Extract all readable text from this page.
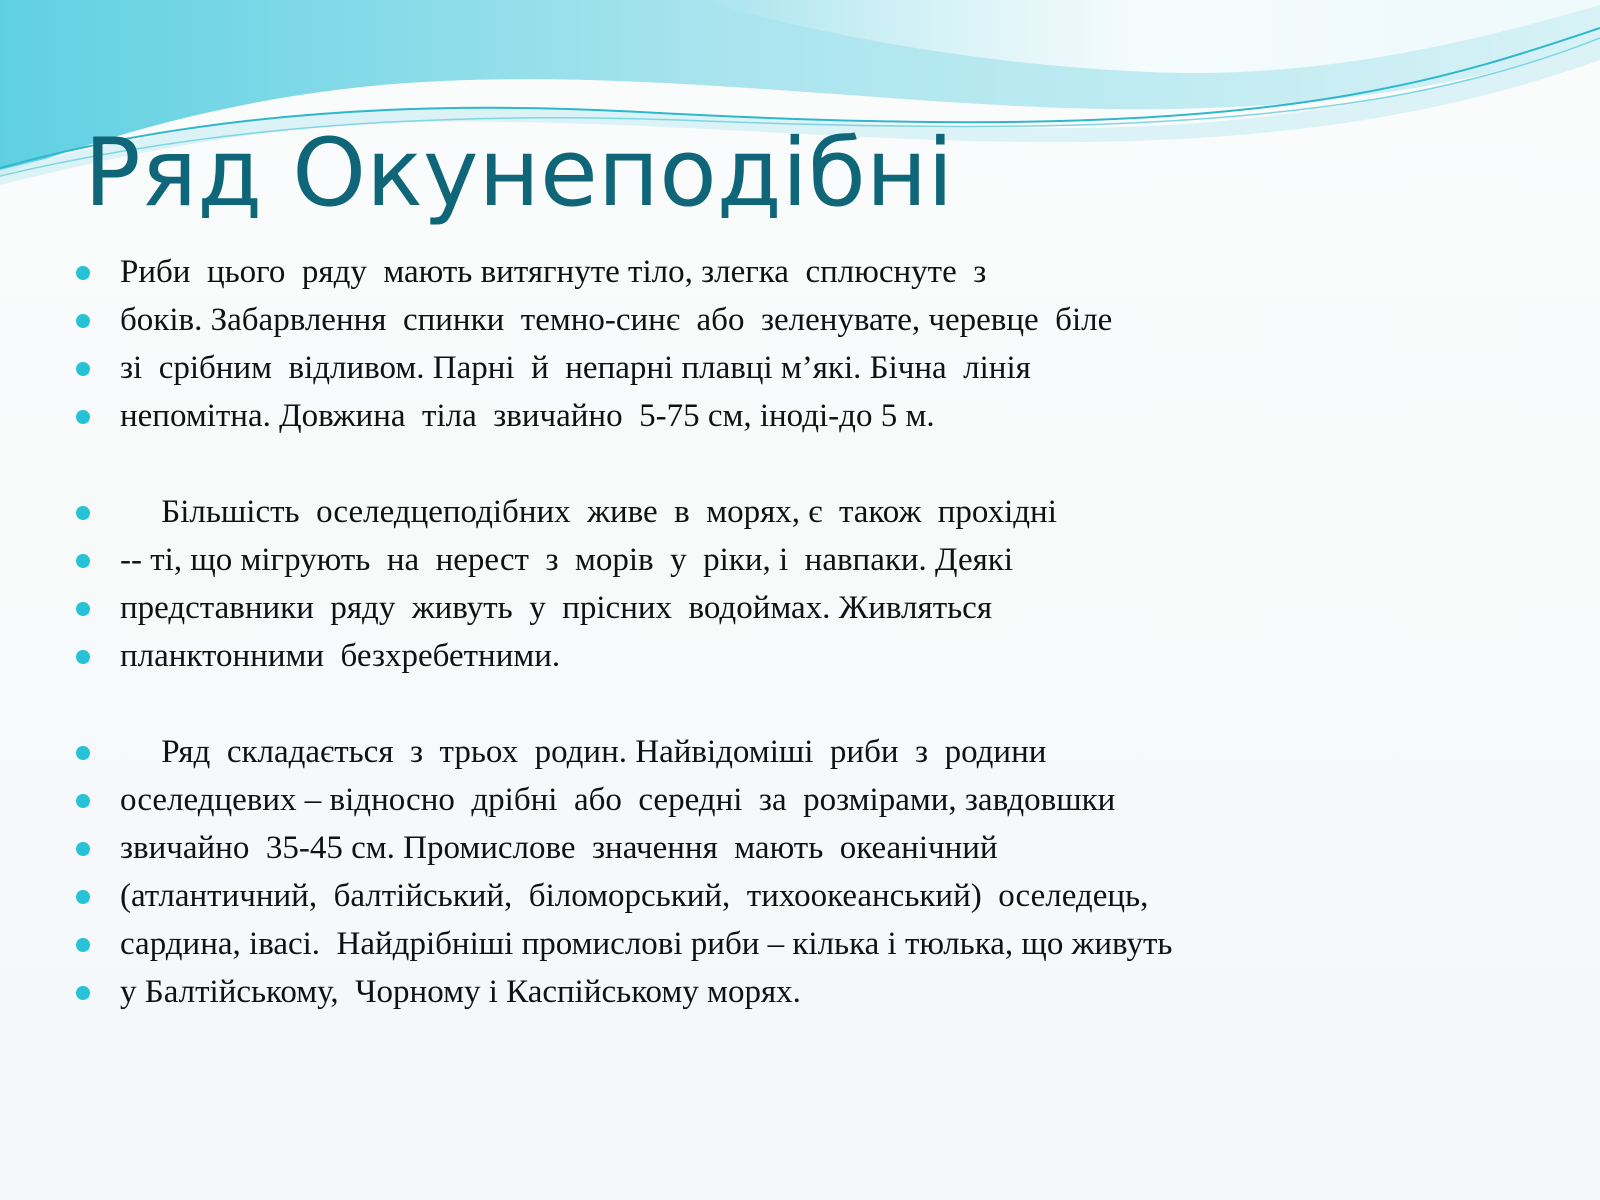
Ряд Окунеподібні

Риби  цього  ряду  мають витягнуте тіло, злегка  сплюснуте  з

боків. Забарвлення  спинки  темно-синє  або  зеленувате, черевце  біле

зі  срібним  відливом. Парні  й  непарні плавці м’які. Бічна  лінія

непомітна. Довжина  тіла  звичайно  5-75 см, іноді-до 5 м.

Більшість  оселедцеподібних  живе  в  морях, є  також  прохідні

-- ті, що мігрують  на  нерест  з  морів  у  ріки, і  навпаки. Деякі

представники  ряду  живуть  у  прісних  водоймах. Живляться

планктонними  безхребетними.

Ряд  складається  з  трьох  родин. Найвідоміші  риби  з  родини

оселедцевих – відносно  дрібні  або  середні  за  розмірами, завдовшки

звичайно  35-45 см. Промислове  значення  мають  океанічний

(атлантичний,  балтійський,  біломорський,  тихоокеанський)  оселедець,

сардина, івасі.  Найдрібніші промислові риби – кілька і тюлька, що живуть

у Балтійському,  Чорному і Каспійському морях.
